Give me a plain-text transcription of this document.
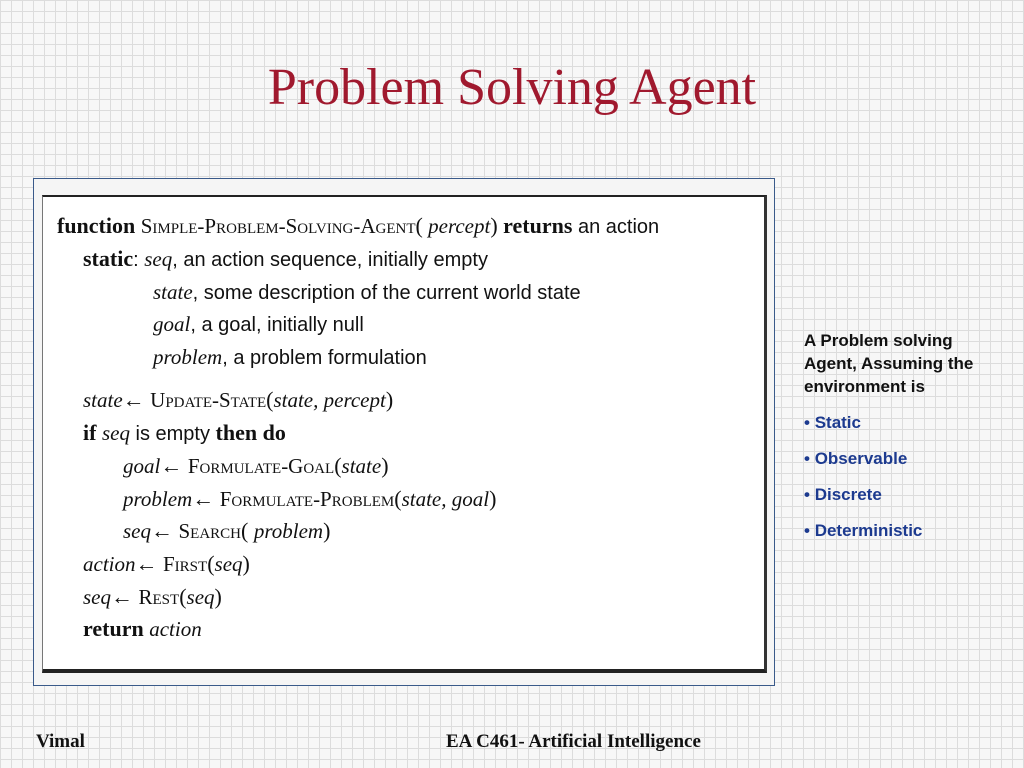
Problem Solving Agent
function Simple-Problem-Solving-Agent( percept) returns an action
static: seq, an action sequence, initially empty
state, some description of the current world state
goal, a goal, initially null
problem, a problem formulation
state← Update-State(state, percept)
if seq is empty then do
goal← Formulate-Goal(state)
problem← Formulate-Problem(state, goal)
seq← Search( problem)
action← First(seq)
seq← Rest(seq)
return action

A Problem solving Agent, Assuming the environment is

• Static
• Observable
• Discrete
• Deterministic
Vimal	EA C461- Artificial Intelligence
